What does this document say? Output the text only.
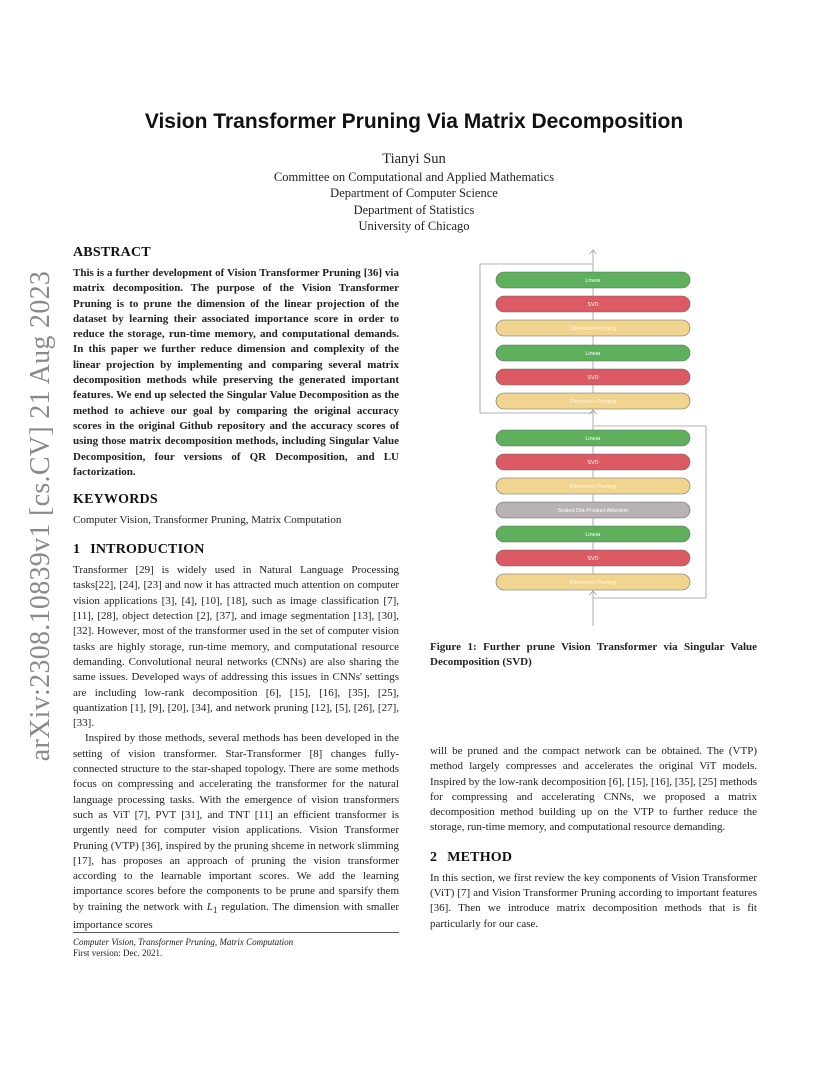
arXiv:2308.10839v1 [cs.CV] 21 Aug 2023
Vision Transformer Pruning Via Matrix Decomposition
Tianyi Sun
Committee on Computational and Applied Mathematics
Department of Computer Science
Department of Statistics
University of Chicago
ABSTRACT

This is a further development of Vision Transformer Pruning [36] via matrix decomposition. The purpose of the Vision Transformer Pruning is to prune the dimension of the linear projection of the dataset by learning their associated importance score in order to reduce the storage, run-time memory, and computational demands. In this paper we further reduce dimension and complexity of the linear projection by implementing and comparing several matrix decomposition methods while preserving the generated important features. We end up selected the Singular Value Decomposition as the method to achieve our goal by comparing the original accuracy scores in the original Github repository and the accuracy scores of using those matrix decomposition methods, including Singular Value Decomposition, four versions of QR Decomposition, and LU factorization.

KEYWORDS

Computer Vision, Transformer Pruning, Matrix Computation

1 INTRODUCTION

Transformer [29] is widely used in Natural Language Processing tasks[22], [24], [23] and now it has attracted much attention on computer vision applications [3], [4], [10], [18], such as image classification [7], [11], [28], object detection [2], [37], and image segmentation [13], [30], [32]. However, most of the transformer used in the set of computer vision tasks are highly storage, run-time memory, and computational resource demanding. Convolutional neural networks (CNNs) are also sharing the same issues. Developed ways of addressing this issues in CNNs' settings are including low-rank decomposition [6], [15], [16], [35], [25], quantization [1], [9], [20], [34], and network pruning [12], [5], [26], [27], [33].

Inspired by those methods, several methods has been developed in the setting of vision transformer. Star-Transformer [8] changes fully-connected structure to the star-shaped topology. There are some methods focus on compressing and accelerating the transformer for the natural language processing tasks. With the emergence of vision transformers such as ViT [7], PVT [31], and TNT [11] an efficient transformer is urgently need for computer vision applications. Vision Transformer Pruning (VTP) [36], inspired by the pruning shceme in network slimming [17], has proposes an approach of pruning the vision transformer according to the learnable important scores. We add the learning importance scores before the components to be prune and sparsify them by training the network with $L_1$ regulation. The dimension with smaller importance scores

Computer Vision, Transformer Pruning, Matrix Computation
First version: Dec. 2021.
Linear
SVD
Dimension Pruning
Linear
SVD
Dimension Pruning
Linear
SVD
Dimension Pruning
Scaled Dot-Product Attention
Linear
SVD
Dimension Pruning
Figure 1: Further prune Vision Transformer via Singular Value Decomposition (SVD)

will be pruned and the compact network can be obtained. The (VTP) method largely compresses and accelerates the original ViT models. Inspired by the low-rank decomposition [6], [15], [16], [35], [25] methods for compressing and accelerating CNNs, we proposed a matrix decomposition method building up on the VTP to further reduce the storage, run-time memory, and computational resource demanding.

2 METHOD

In this section, we first review the key components of Vision Transformer (ViT) [7] and Vision Transformer Pruning according to important features [36]. Then we introduce matrix decomposition methods that is fit particularly for our case.
